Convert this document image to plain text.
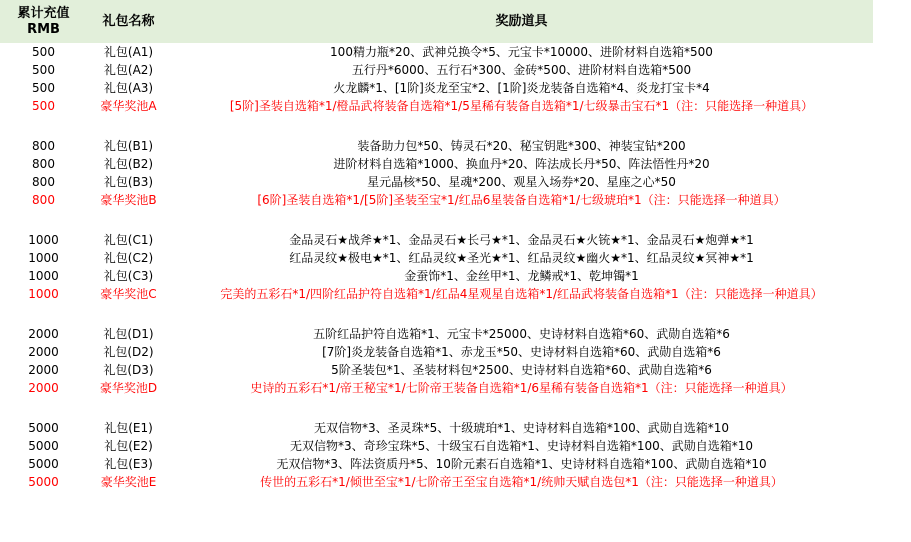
累计充值
RMB	礼包名称	奖励道具
500	礼包(A1)	100精力瓶*20、武神兑换令*5、元宝卡*10000、进阶材料自选箱*500
500	礼包(A2)	五行丹*6000、五行石*300、金砖*500、进阶材料自选箱*500
500	礼包(A3)	火龙麟*1、[1阶]炎龙至宝*2、[1阶]炎龙装备自选箱*4、炎龙打宝卡*4
500	豪华奖池A	[5阶]圣装自选箱*1/橙品武将装备自选箱*1/5星稀有装备自选箱*1/七级暴击宝石*1（注：只能选择一种道具）

800	礼包(B1)	装备助力包*50、铸灵石*20、秘宝钥匙*300、神装宝钻*200
800	礼包(B2)	进阶材料自选箱*1000、换血丹*20、阵法成长丹*50、阵法悟性丹*20
800	礼包(B3)	星元晶核*50、星魂*200、观星入场券*20、星座之心*50
800	豪华奖池B	[6阶]圣装自选箱*1/[5阶]圣装至宝*1/红品6星装备自选箱*1/七级琥珀*1（注：只能选择一种道具）

1000	礼包(C1)	金品灵石★战斧★*1、金品灵石★长弓★*1、金品灵石★火铳★*1、金品灵石★炮弹★*1
1000	礼包(C2)	红品灵纹★极电★*1、红品灵纹★圣光★*1、红品灵纹★幽火★*1、红品灵纹★冥神★*1
1000	礼包(C3)	金蚕饰*1、金丝甲*1、龙鳞戒*1、乾坤镯*1
1000	豪华奖池C	完美的五彩石*1/四阶红品护符自选箱*1/红品4星观星自选箱*1/红品武将装备自选箱*1（注：只能选择一种道具）

2000	礼包(D1)	五阶红品护符自选箱*1、元宝卡*25000、史诗材料自选箱*60、武勋自选箱*6
2000	礼包(D2)	[7阶]炎龙装备自选箱*1、赤龙玉*50、史诗材料自选箱*60、武勋自选箱*6
2000	礼包(D3)	5阶圣装包*1、圣装材料包*2500、史诗材料自选箱*60、武勋自选箱*6
2000	豪华奖池D	史诗的五彩石*1/帝王秘宝*1/七阶帝王装备自选箱*1/6星稀有装备自选箱*1（注：只能选择一种道具）

5000	礼包(E1)	无双信物*3、圣灵珠*5、十级琥珀*1、史诗材料自选箱*100、武勋自选箱*10
5000	礼包(E2)	无双信物*3、奇珍宝珠*5、十级宝石自选箱*1、史诗材料自选箱*100、武勋自选箱*10
5000	礼包(E3)	无双信物*3、阵法资质丹*5、10阶元素石自选箱*1、史诗材料自选箱*100、武勋自选箱*10
5000	豪华奖池E	传世的五彩石*1/倾世至宝*1/七阶帝王至宝自选箱*1/统帅天赋自选包*1（注：只能选择一种道具）
